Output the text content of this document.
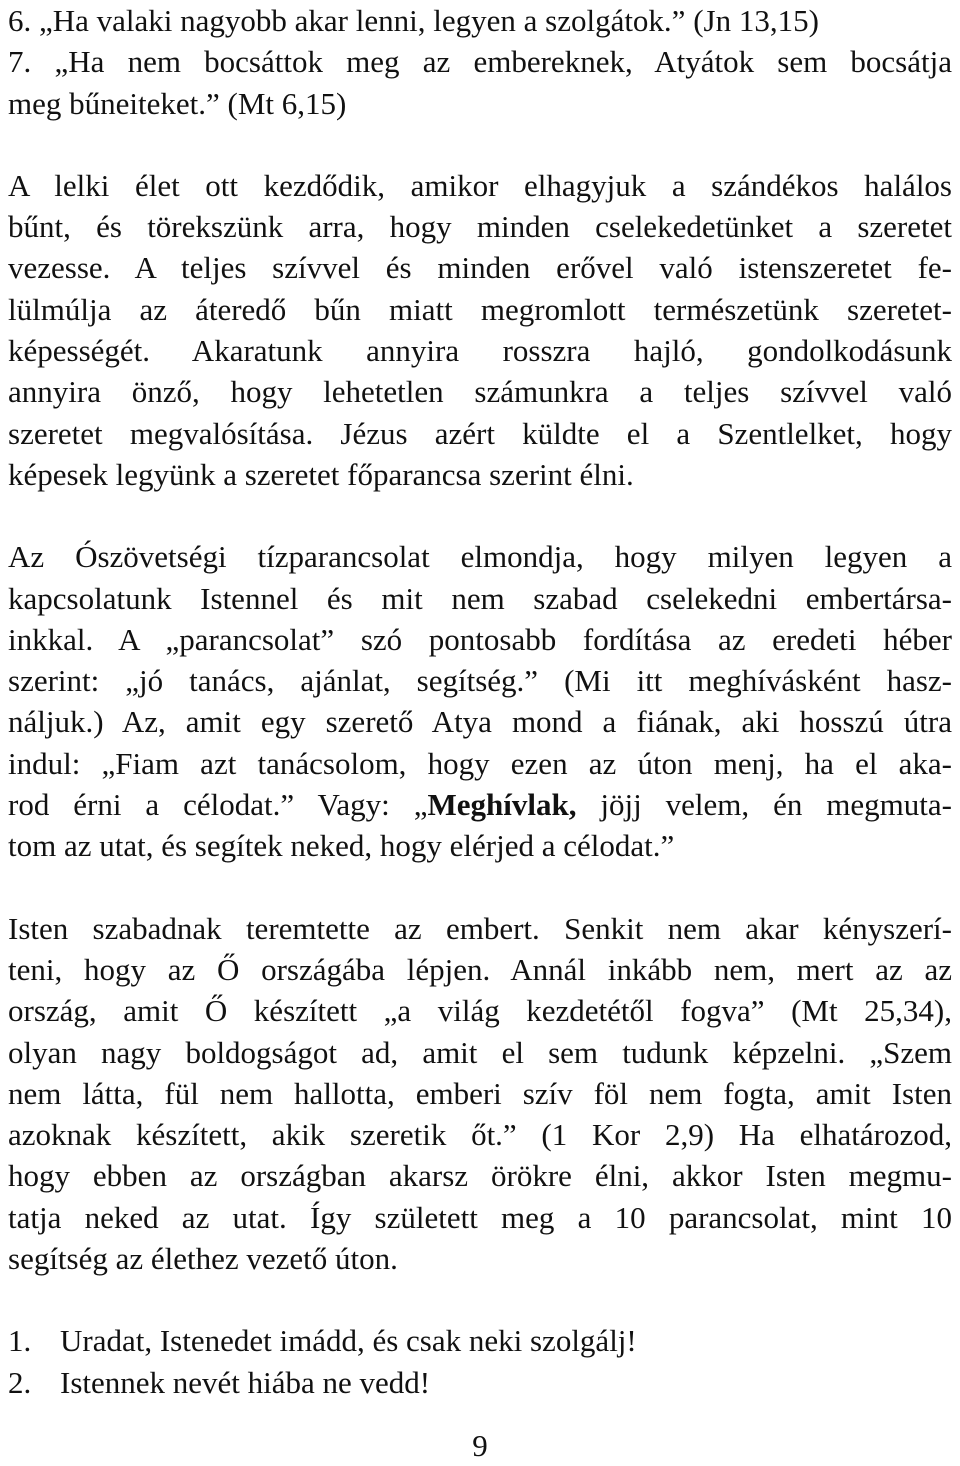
6. „Ha valaki nagyobb akar lenni, legyen a szolgátok.” (Jn 13,15)
7. „Ha nem bocsáttok meg az embereknek, Atyátok sem bocsátja
meg bűneiteket.” (Mt 6,15)
A lelki élet ott kezdődik, amikor elhagyjuk a szándékos halálos
bűnt, és törekszünk arra, hogy minden cselekedetünket a szeretet
vezesse. A teljes szívvel és minden erővel való istenszeretet fe-
lülmúlja az áteredő bűn miatt megromlott természetünk szeretet-
képességét. Akaratunk annyira rosszra hajló, gondolkodásunk
annyira önző, hogy lehetetlen számunkra a teljes szívvel való
szeretet megvalósítása. Jézus azért küldte el a Szentlelket, hogy
képesek legyünk a szeretet főparancsa szerint élni.
Az Ószövetségi tízparancsolat elmondja, hogy milyen legyen a
kapcsolatunk Istennel és mit nem szabad cselekedni embertársa-
inkkal. A „parancsolat” szó pontosabb fordítása az eredeti héber
szerint: „jó tanács, ajánlat, segítség.” (Mi itt meghívásként hasz-
náljuk.) Az, amit egy szerető Atya mond a fiának, aki hosszú útra
indul: „Fiam azt tanácsolom, hogy ezen az úton menj, ha el aka-
rod érni a célodat.” Vagy: „Meghívlak, jöjj velem, én megmuta-
tom az utat, és segítek neked, hogy elérjed a célodat.”
Isten szabadnak teremtette az embert. Senkit nem akar kényszerí-
teni, hogy az Ő országába lépjen. Annál inkább nem, mert az az
ország, amit Ő készített „a világ kezdetétől fogva” (Mt 25,34),
olyan nagy boldogságot ad, amit el sem tudunk képzelni. „Szem
nem látta, fül nem hallotta, emberi szív föl nem fogta, amit Isten
azoknak készített, akik szeretik őt.” (1 Kor 2,9) Ha elhatározod,
hogy ebben az országban akarsz örökre élni, akkor Isten megmu-
tatja neked az utat. Így született meg a 10 parancsolat, mint 10
segítség az élethez vezető úton.
1. Uradat, Istenedet imádd, és csak neki szolgálj!
2. Istennek nevét hiába ne vedd!
9
